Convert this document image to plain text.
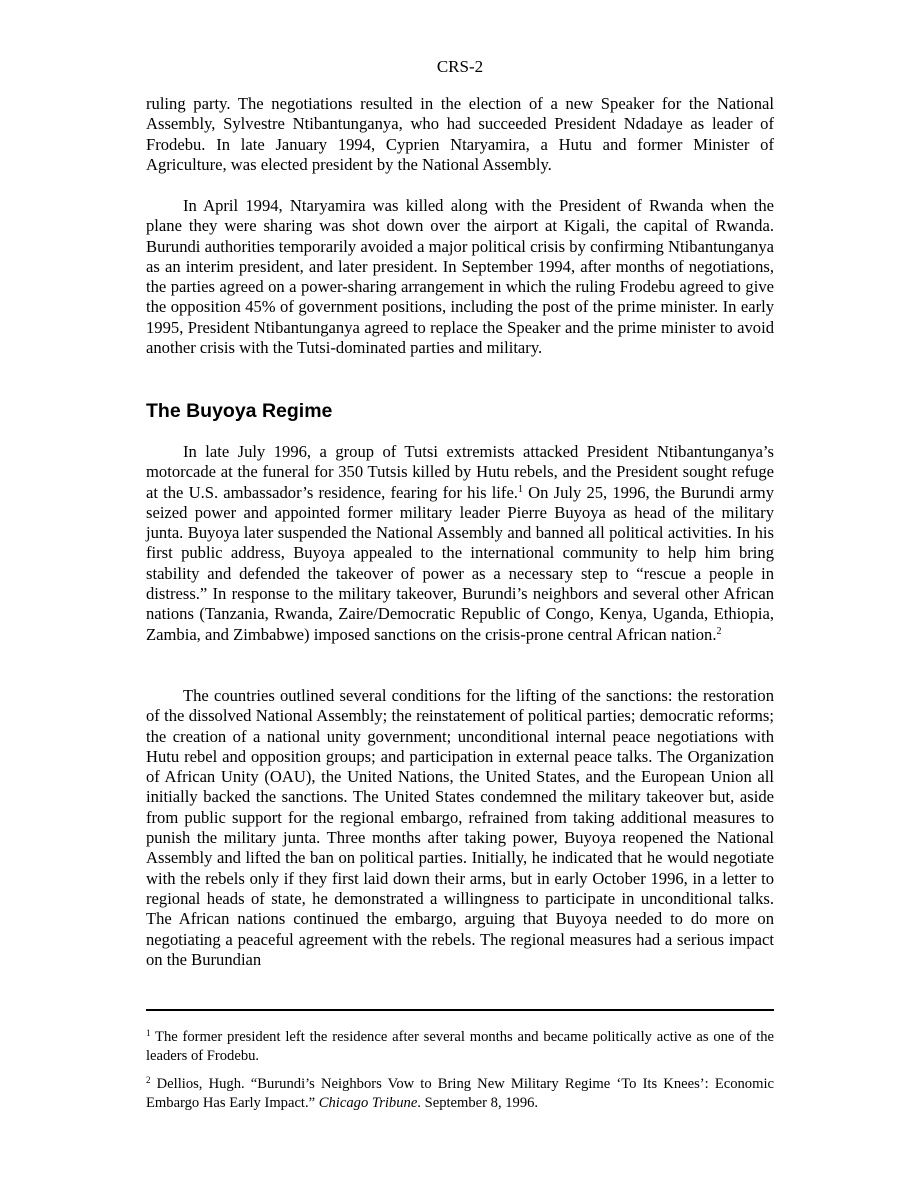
CRS-2

ruling party. The negotiations resulted in the election of a new Speaker for the National Assembly, Sylvestre Ntibantunganya, who had succeeded President Ndadaye as leader of Frodebu. In late January 1994, Cyprien Ntaryamira, a Hutu and former Minister of Agriculture, was elected president by the National Assembly.

In April 1994, Ntaryamira was killed along with the President of Rwanda when the plane they were sharing was shot down over the airport at Kigali, the capital of Rwanda. Burundi authorities temporarily avoided a major political crisis by confirming Ntibantunganya as an interim president, and later president. In September 1994, after months of negotiations, the parties agreed on a power-sharing arrangement in which the ruling Frodebu agreed to give the opposition 45% of government positions, including the post of the prime minister. In early 1995, President Ntibantunganya agreed to replace the Speaker and the prime minister to avoid another crisis with the Tutsi-dominated parties and military.

The Buyoya Regime

In late July 1996, a group of Tutsi extremists attacked President Ntibantunganya’s motorcade at the funeral for 350 Tutsis killed by Hutu rebels, and the President sought refuge at the U.S. ambassador’s residence, fearing for his life.$^1$ On July 25, 1996, the Burundi army seized power and appointed former military leader Pierre Buyoya as head of the military junta. Buyoya later suspended the National Assembly and banned all political activities. In his first public address, Buyoya appealed to the international community to help him bring stability and defended the takeover of power as a necessary step to “rescue a people in distress.” In response to the military takeover, Burundi’s neighbors and several other African nations (Tanzania, Rwanda, Zaire/Democratic Republic of Congo, Kenya, Uganda, Ethiopia, Zambia, and Zimbabwe) imposed sanctions on the crisis-prone central African nation.$^2$

The countries outlined several conditions for the lifting of the sanctions: the restoration of the dissolved National Assembly; the reinstatement of political parties; democratic reforms; the creation of a national unity government; unconditional internal peace negotiations with Hutu rebel and opposition groups; and participation in external peace talks. The Organization of African Unity (OAU), the United Nations, the United States, and the European Union all initially backed the sanctions. The United States condemned the military takeover but, aside from public support for the regional embargo, refrained from taking additional measures to punish the military junta. Three months after taking power, Buyoya reopened the National Assembly and lifted the ban on political parties. Initially, he indicated that he would negotiate with the rebels only if they first laid down their arms, but in early October 1996, in a letter to regional heads of state, he demonstrated a willingness to participate in unconditional talks. The African nations continued the embargo, arguing that Buyoya needed to do more on negotiating a peaceful agreement with the rebels. The regional measures had a serious impact on the Burundian

$^1$ The former president left the residence after several months and became politically active as one of the leaders of Frodebu.

$^2$ Dellios, Hugh. “Burundi’s Neighbors Vow to Bring New Military Regime ‘To Its Knees’: Economic Embargo Has Early Impact.” Chicago Tribune. September 8, 1996.
